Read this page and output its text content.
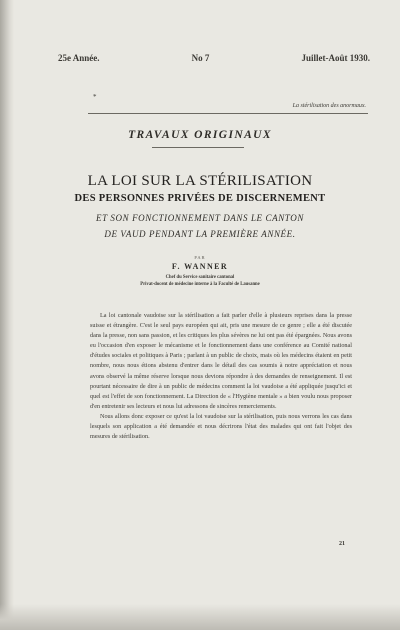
25e Année.	No 7	Juillet-Août 1930.
*
La stérilisation des anormaux.
TRAVAUX ORIGINAUX
LA LOI SUR LA STÉRILISATION
DES PERSONNES PRIVÉES DE DISCERNEMENT
ET SON FONCTIONNEMENT DANS LE CANTON
DE VAUD PENDANT LA PREMIÈRE ANNÉE.
PAR
F. WANNER
Chef du Service sanitaire cantonal
Privat-docent de médecine interne à la Faculté de Lausanne

La loi cantonale vaudoise sur la stérilisation a fait parler d'elle à plusieurs reprises dans la presse suisse et étrangère. C'est le seul pays européen qui ait, pris une mesure de ce genre ; elle a été discutée dans la presse, non sans passion, et les critiques les plus sévères ne lui ont pas été épargnées. Nous avons eu l'occasion d'en exposer le mécanisme et le fonctionnement dans une conférence au Comité national d'études sociales et politiques à Paris ; parlant à un public de choix, mais où les médecins étaient en petit nombre, nous nous étions abstenu d'entrer dans le détail des cas soumis à notre appréciation et nous avons observé la même réserve lorsque nous devions répondre à des demandes de renseignement. Il est pourtant nécessaire de dire à un public de médecins comment la loi vaudoise a été appliquée jusqu'ici et quel est l'effet de son fonctionnement. La Direction de « l'Hygiène mentale » a bien voulu nous proposer d'en entretenir ses lecteurs et nous lui adressons de sincères remerciements.

Nous allons donc exposer ce qu'est la loi vaudoise sur la stérilisation, puis nous verrons les cas dans lesquels son application a été demandée et nous décrirons l'état des malades qui ont fait l'objet des mesures de stérilisation.

21
